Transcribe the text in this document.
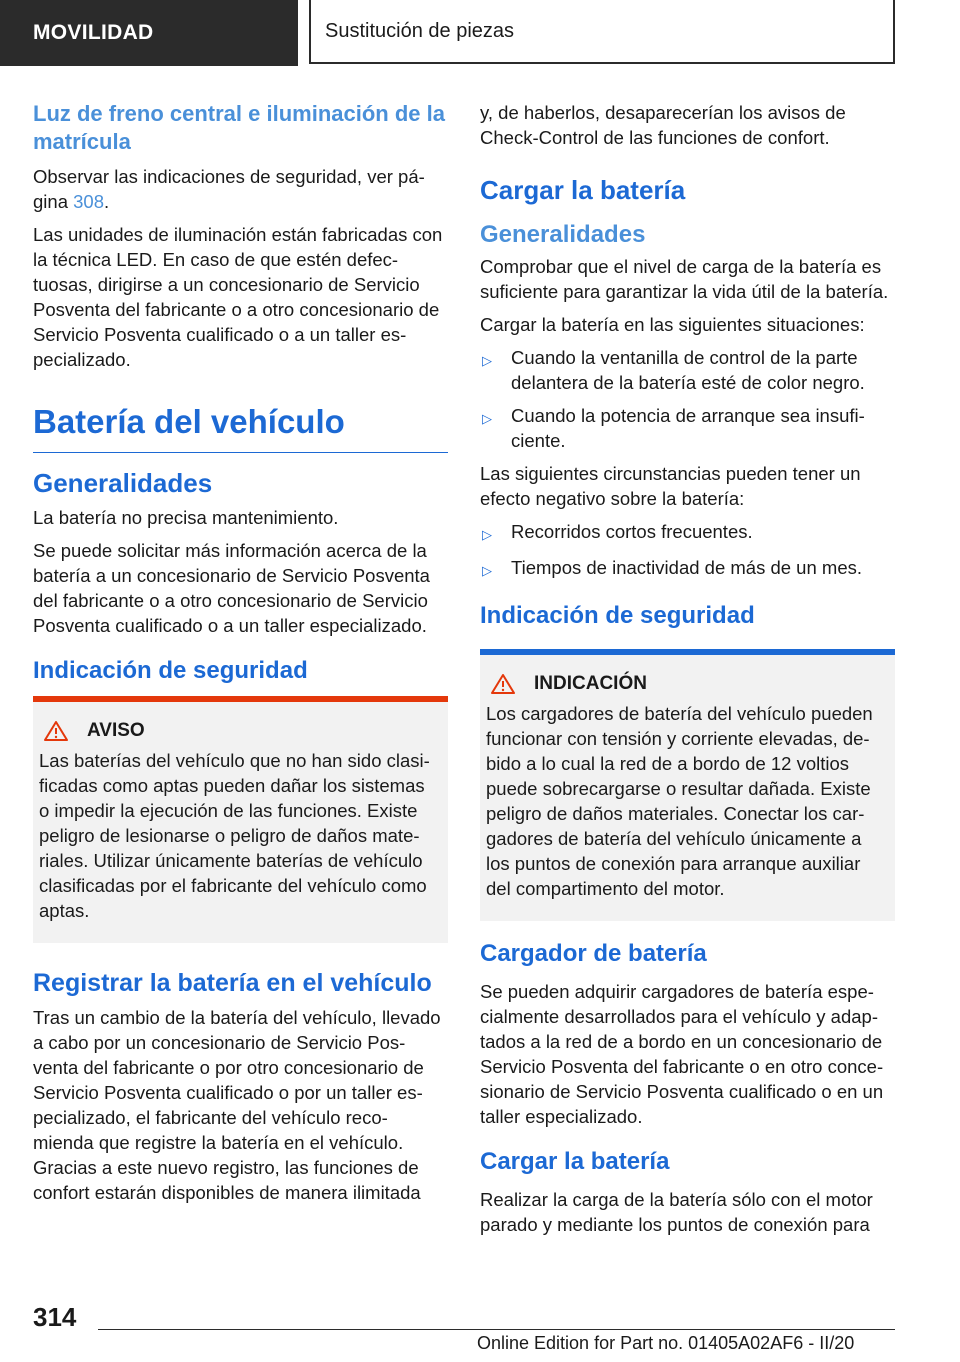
MOVILIDAD	Sustitución de piezas
Luz de freno central e iluminación de la matrícula

Observar las indicaciones de seguridad, ver pá-gina 308.

Las unidades de iluminación están fabricadas con la técnica LED. En caso de que estén defec-tuosas, dirigirse a un concesionario de Servicio Posventa del fabricante o a otro concesionario de Servicio Posventa cualificado o a un taller es-pecializado.

Batería del vehículo
Generalidades

La batería no precisa mantenimiento.

Se puede solicitar más información acerca de la batería a un concesionario de Servicio Posventa del fabricante o a otro concesionario de Servicio Posventa cualificado o a un taller especializado.

Indicación de seguridad
AVISO

Las baterías del vehículo que no han sido clasi-ficadas como aptas pueden dañar los sistemas o impedir la ejecución de las funciones. Existe peligro de lesionarse o peligro de daños mate-riales. Utilizar únicamente baterías de vehículo clasificadas por el fabricante del vehículo como aptas.

Registrar la batería en el vehículo

Tras un cambio de la batería del vehículo, llevado a cabo por un concesionario de Servicio Pos-venta del fabricante o por otro concesionario de Servicio Posventa cualificado o por un taller es-pecializado, el fabricante del vehículo reco-mienda que registre la batería en el vehículo. Gracias a este nuevo registro, las funciones de confort estarán disponibles de manera ilimitada

y, de haberlos, desaparecerían los avisos de Check-Control de las funciones de confort.

Cargar la batería
Generalidades

Comprobar que el nivel de carga de la batería es suficiente para garantizar la vida útil de la batería.

Cargar la batería en las siguientes situaciones:

▷	Cuando la ventanilla de control de la parte delantera de la batería esté de color negro.
▷	Cuando la potencia de arranque sea insufi-ciente.

Las siguientes circunstancias pueden tener un efecto negativo sobre la batería:

▷	Recorridos cortos frecuentes.
▷	Tiempos de inactividad de más de un mes.
Indicación de seguridad
INDICACIÓN

Los cargadores de batería del vehículo pueden funcionar con tensión y corriente elevadas, de-bido a lo cual la red de a bordo de 12 voltios puede sobrecargarse o resultar dañada. Existe peligro de daños materiales. Conectar los car-gadores de batería del vehículo únicamente a los puntos de conexión para arranque auxiliar del compartimento del motor.

Cargador de batería

Se pueden adquirir cargadores de batería espe-cialmente desarrollados para el vehículo y adap-tados a la red de a bordo en un concesionario de Servicio Posventa del fabricante o en otro conce-sionario de Servicio Posventa cualificado o en un taller especializado.

Cargar la batería

Realizar la carga de la batería sólo con el motor parado y mediante los puntos de conexión para

314
Online Edition for Part no. 01405A02AF6 - II/20
